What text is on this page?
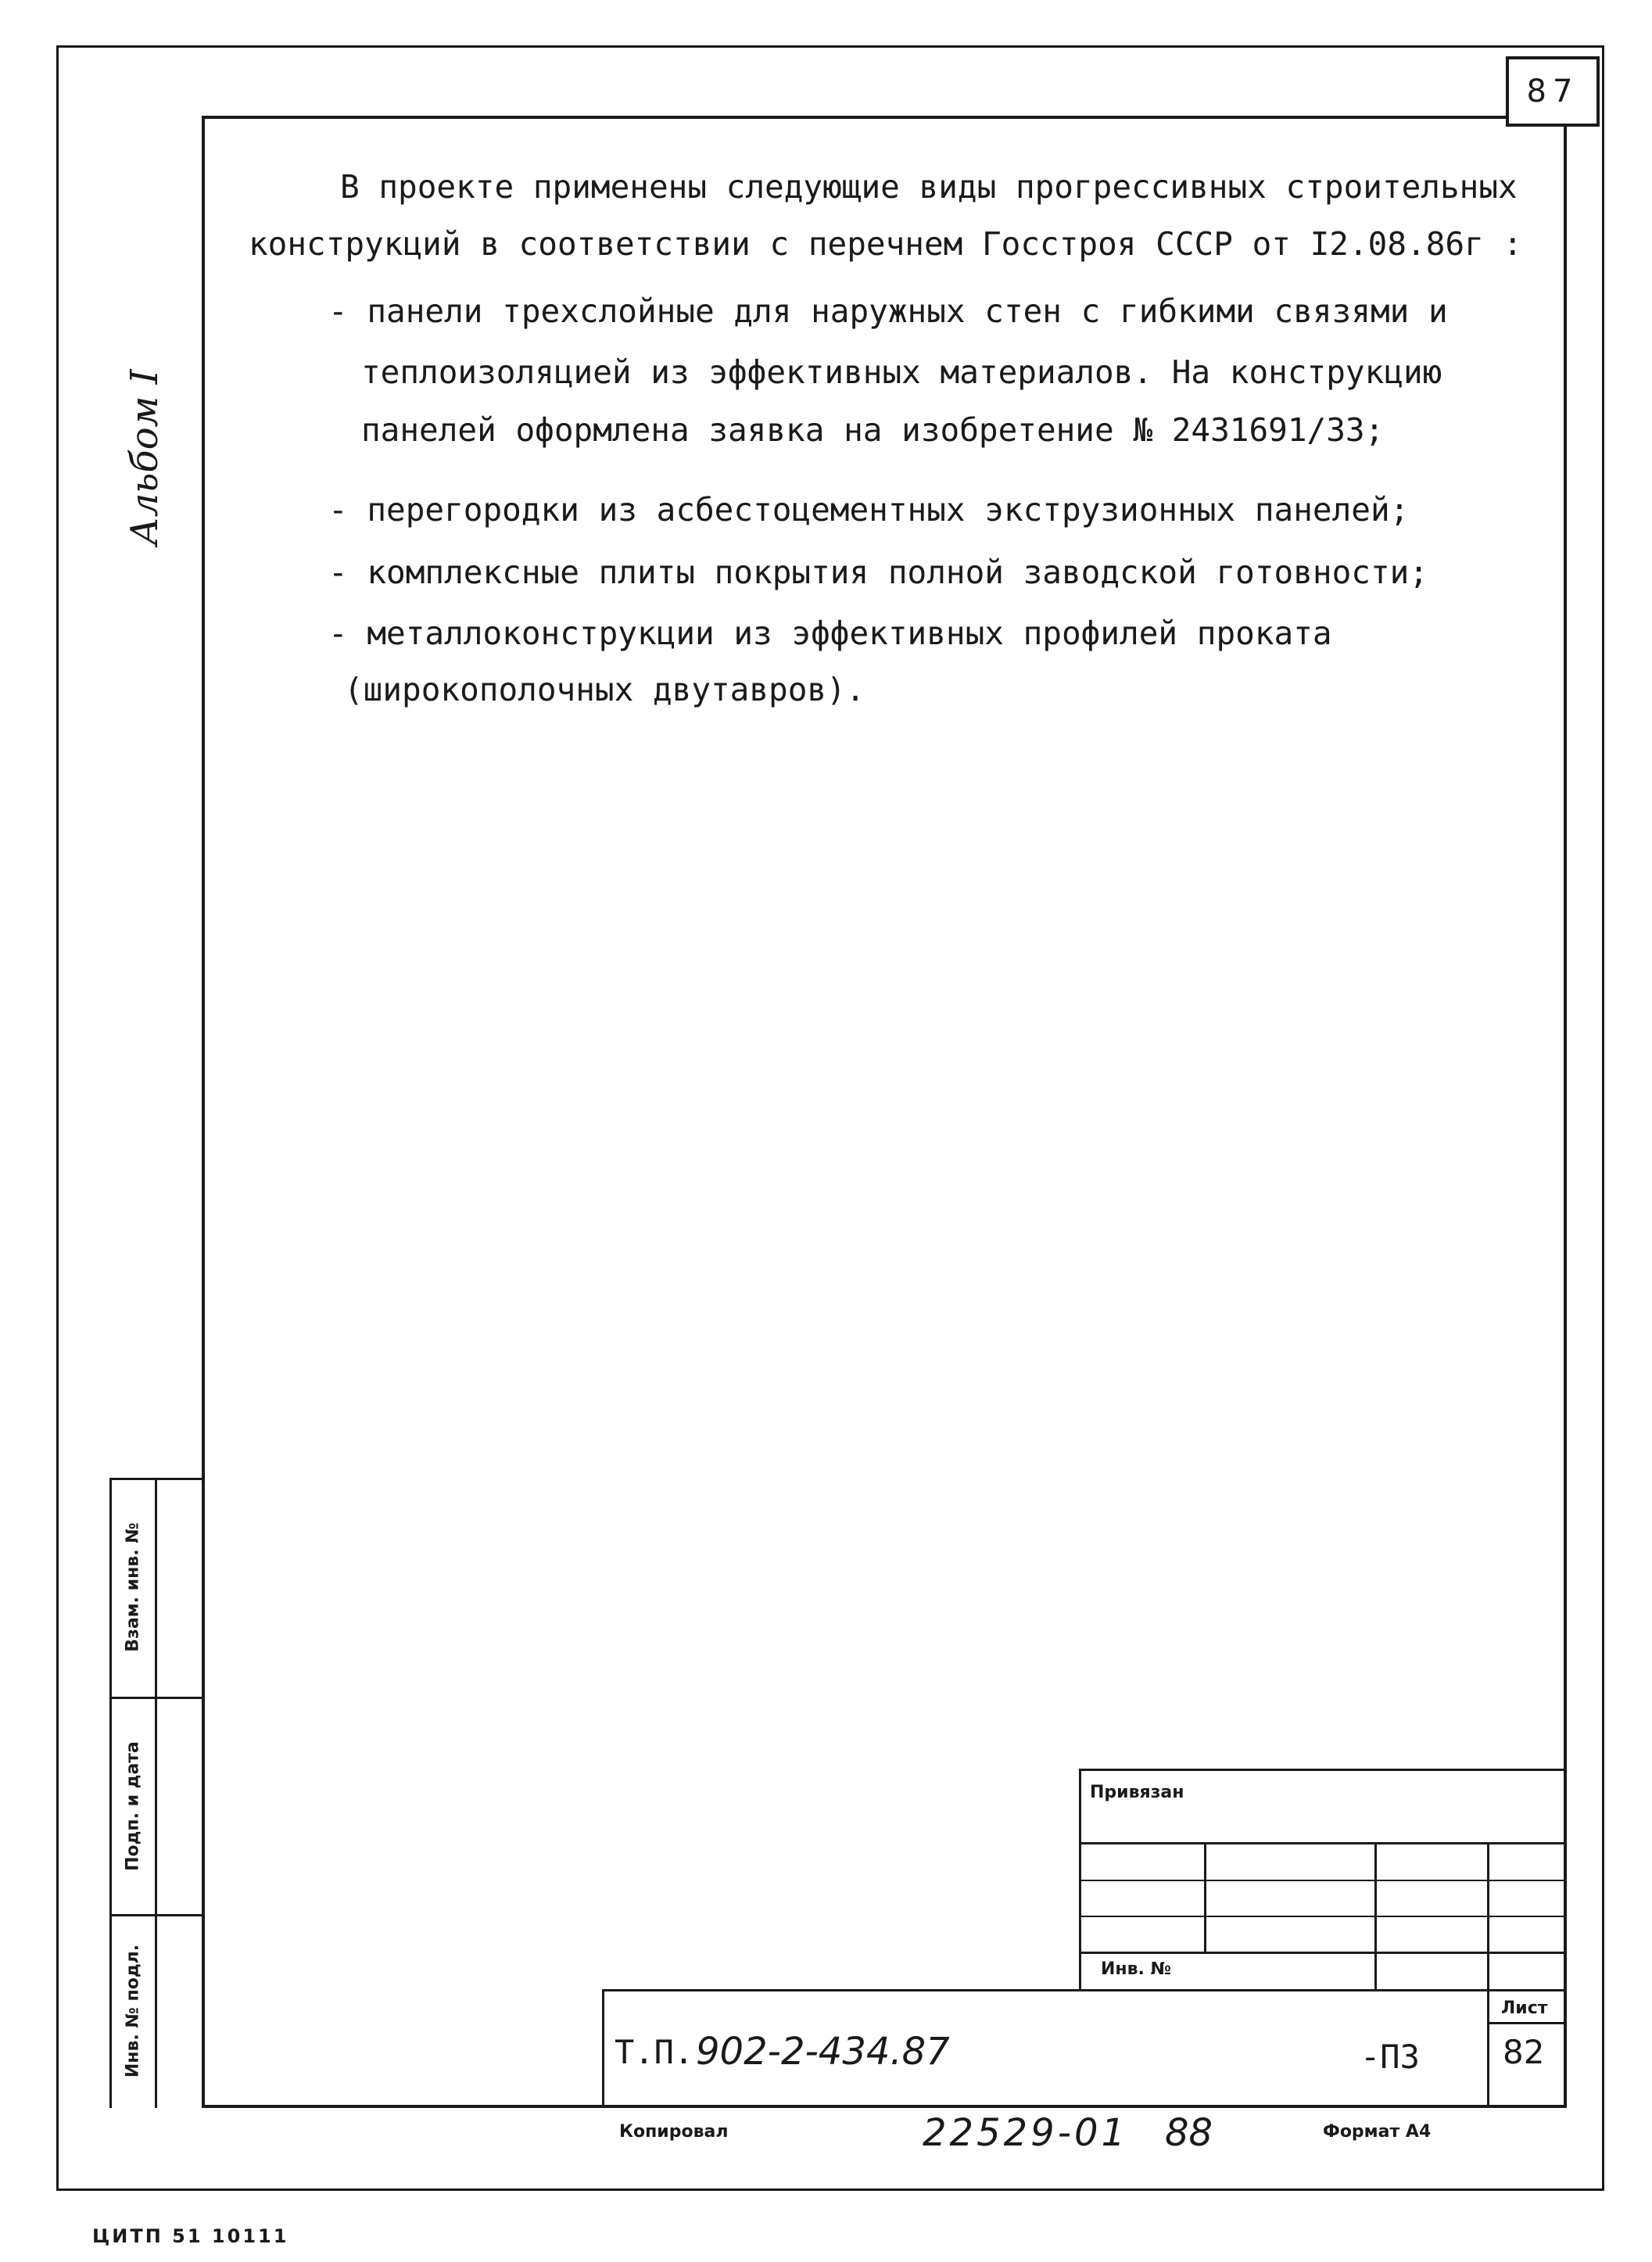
87
Альбом I
В проекте применены следующие виды прогрессивных строительных
конструкций в соответствии с перечнем Госстроя СССР от I2.08.86г :
- панели трехслойные для наружных стен с гибкими связями и
теплоизоляцией из эффективных материалов. На конструкцию
панелей оформлена заявка на изобретение № 2431691/33;
- перегородки из асбестоцементных экструзионных панелей;
- комплексные плиты покрытия полной заводской готовности;
- металлоконструкции из эффективных профилей проката
(широкополочных двутавров).
Взам. инв. №
Подп. и дата
Инв. № подл.
Привязан
Инв. №
Т.П. 902-2-434.87	-ПЗ
Лист
82
Копировал	22529-01 88	Формат А4
ЦИТП 51 10111
